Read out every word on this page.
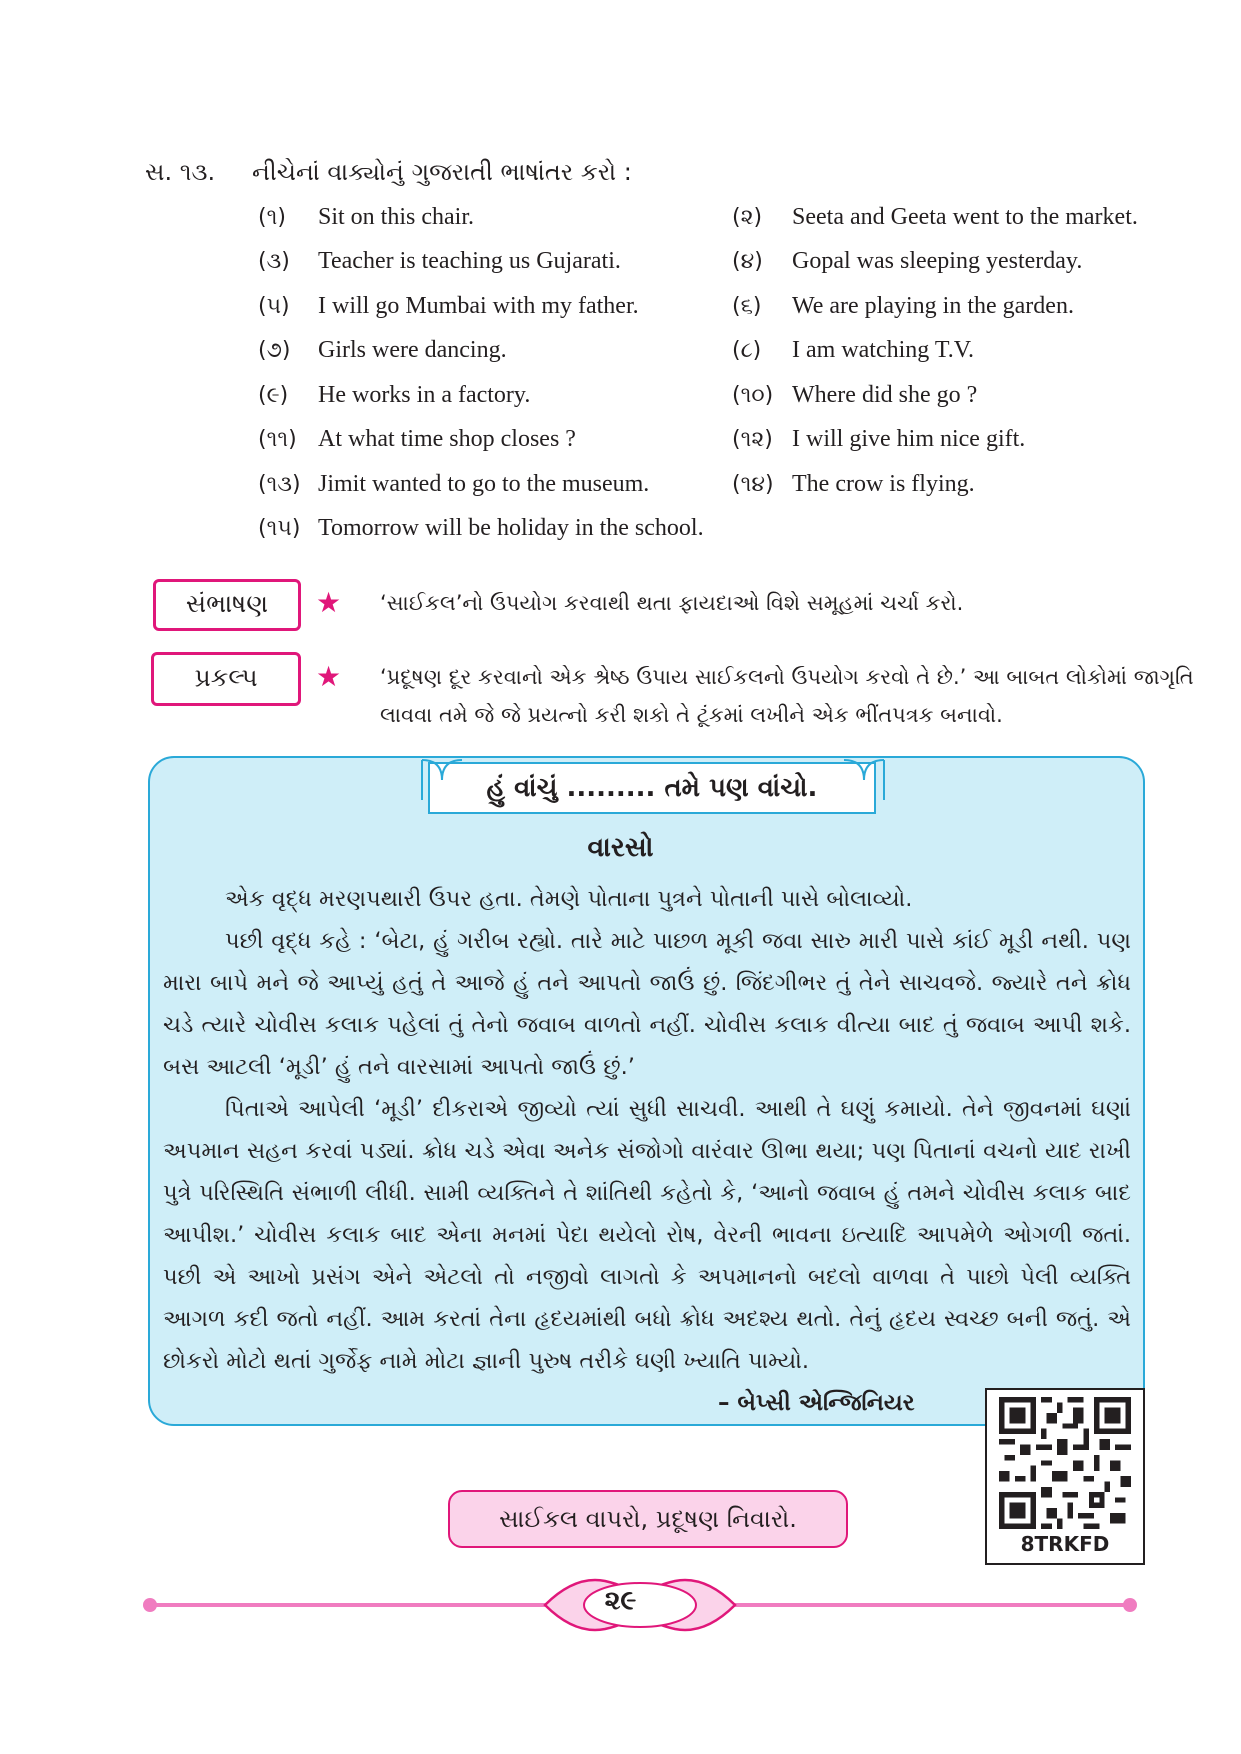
સ. ૧૩. નીચેનાં વાક્યોનું ગુજરાતી ભાષાંતર કરો :
(૧) Sit on this chair.	(૨) Seeta and Geeta went to the market.
(૩) Teacher is teaching us Gujarati.	(૪) Gopal was sleeping yesterday.
(૫) I will go Mumbai with my father.	(૬) We are playing in the garden.
(૭) Girls were dancing.	(૮) I am watching T.V.
(૯) He works in a factory.	(૧૦) Where did she go ?
(૧૧) At what time shop closes ?	(૧૨) I will give him nice gift.
(૧૩) Jimit wanted to go to the museum.	(૧૪) The crow is flying.
(૧૫) Tomorrow will be holiday in the school.
સંભાષણ	★ ‘સાઈકલ’નો ઉપયોગ કરવાથી થતા ફાયદાઓ વિશે સમૂહમાં ચર્ચા કરો.
પ્રકલ્પ	★ ‘પ્રદૂષણ દૂર કરવાનો એક શ્રેષ્ઠ ઉપાય સાઈકલનો ઉપયોગ કરવો તે છે.’ આ બાબત લોકોમાં જાગૃતિ
લાવવા તમે જે જે પ્રયત્નો કરી શકો તે ટૂંકમાં લખીને એક ભીંતપત્રક બનાવો.
હું વાંચું ......... તમે પણ વાંચો.
વારસો

એક વૃદ્ધ મરણપથારી ઉપર હતા. તેમણે પોતાના પુત્રને પોતાની પાસે બોલાવ્યો.

પછી વૃદ્ધ કહે : ‘બેટા, હું ગરીબ રહ્યો. તારે માટે પાછળ મૂકી જવા સારુ મારી પાસે કાંઈ મૂડી નથી. પણ મારા બાપે મને જે આપ્યું હતું તે આજે હું તને આપતો જાઉં છું. જિંદગીભર તું તેને સાચવજે. જ્યારે તને ક્રોધ ચડે ત્યારે ચોવીસ કલાક પહેલાં તું તેનો જવાબ વાળતો નહીં. ચોવીસ કલાક વીત્યા બાદ તું જવાબ આપી શકે. બસ આટલી ‘મૂડી’ હું તને વારસામાં આપતો જાઉં છું.’

પિતાએ આપેલી ‘મૂડી’ દીકરાએ જીવ્યો ત્યાં સુધી સાચવી. આથી તે ઘણું કમાયો. તેને જીવનમાં ઘણાં અપમાન સહન કરવાં પડ્યાં. ક્રોધ ચડે એવા અનેક સંજોગો વારંવાર ઊભા થયા; પણ પિતાનાં વચનો યાદ રાખી પુત્રે પરિસ્થિતિ સંભાળી લીધી. સામી વ્યક્તિને તે શાંતિથી કહેતો કે, ‘આનો જવાબ હું તમને ચોવીસ કલાક બાદ આપીશ.’ ચોવીસ કલાક બાદ એના મનમાં પેદા થયેલો રોષ, વેરની ભાવના ઇત્યાદિ આપમેળે ઓગળી જતાં. પછી એ આખો પ્રસંગ એને એટલો તો નજીવો લાગતો કે અપમાનનો બદલો વાળવા તે પાછો પેલી વ્યક્તિ આગળ કદી જતો નહીં. આમ કરતાં તેના હૃદયમાંથી બધો ક્રોધ અદશ્ય થતો. તેનું હૃદય સ્વચ્છ બની જતું. એ છોકરો મોટો થતાં ગુર્જેફ નામે મોટા જ્ઞાની પુરુષ તરીકે ઘણી ખ્યાતિ પામ્યો.

– બેપ્સી એન્જિનિયર
8TRKFD
સાઈકલ વાપરો, પ્રદૂષણ નિવારો.
૨૯
